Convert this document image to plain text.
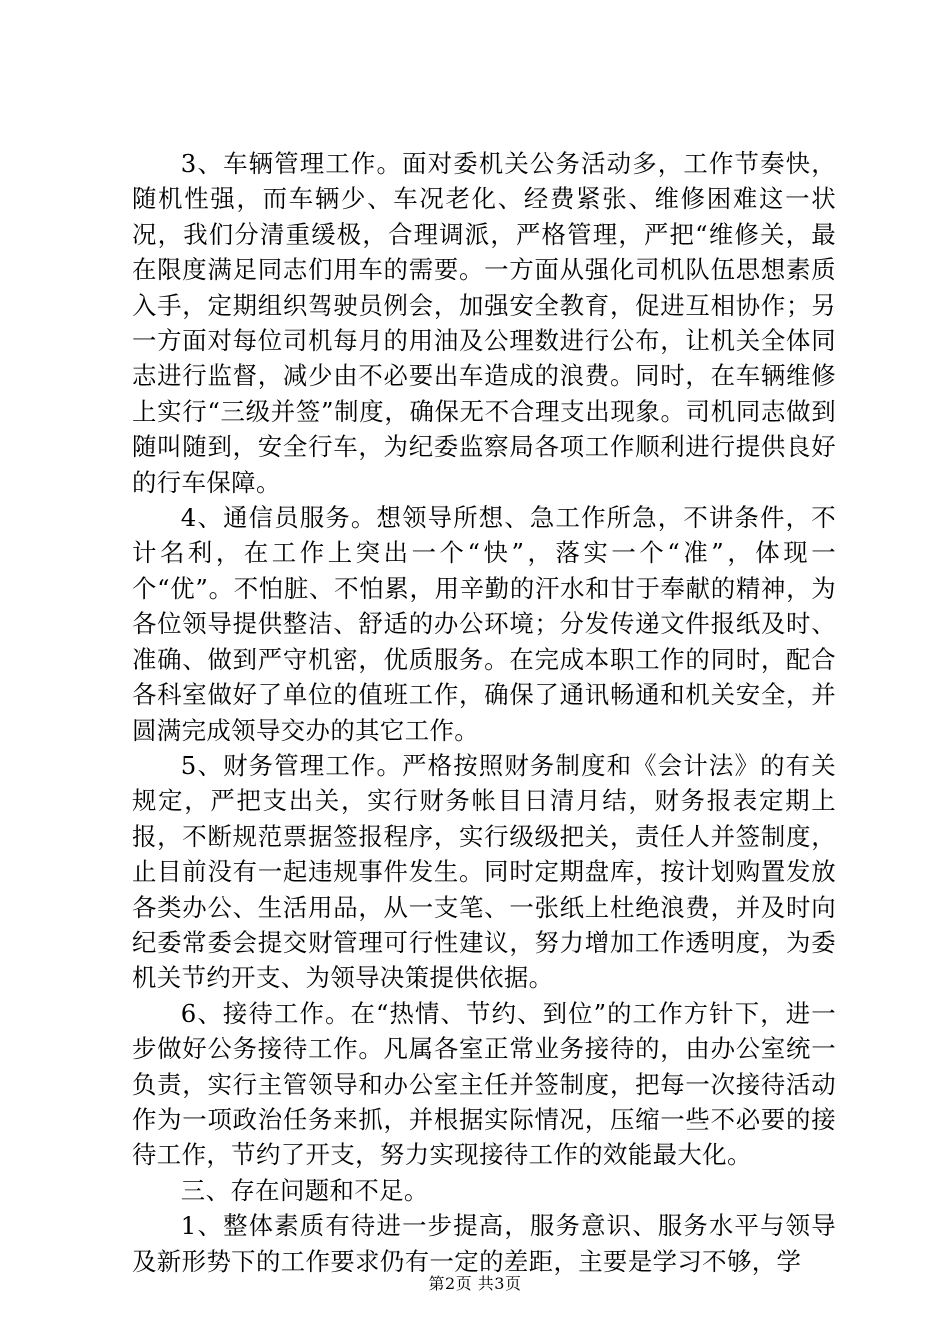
3、车辆管理工作。面对委机关公务活动多，工作节奏快，随机性强，而车辆少、车况老化、经费紧张、维修困难这一状况，我们分清重缓极，合理调派，严格管理，严把“维修关，最在限度满足同志们用车的需要。一方面从强化司机队伍思想素质入手，定期组织驾驶员例会，加强安全教育，促进互相协作；另一方面对每位司机每月的用油及公理数进行公布，让机关全体同志进行监督，减少由不必要出车造成的浪费。同时，在车辆维修上实行“三级并签”制度，确保无不合理支出现象。司机同志做到随叫随到，安全行车，为纪委监察局各项工作顺利进行提供良好的行车保障。

4、通信员服务。想领导所想、急工作所急，不讲条件，不计名利，在工作上突出一个“快”，落实一个“准”，体现一个“优”。不怕脏、不怕累，用辛勤的汗水和甘于奉献的精神，为各位领导提供整洁、舒适的办公环境；分发传递文件报纸及时、准确、做到严守机密，优质服务。在完成本职工作的同时，配合各科室做好了单位的值班工作，确保了通讯畅通和机关安全，并圆满完成领导交办的其它工作。

5、财务管理工作。严格按照财务制度和《会计法》的有关规定，严把支出关，实行财务帐目日清月结，财务报表定期上报，不断规范票据签报程序，实行级级把关，责任人并签制度，止目前没有一起违规事件发生。同时定期盘库，按计划购置发放各类办公、生活用品，从一支笔、一张纸上杜绝浪费，并及时向纪委常委会提交财管理可行性建议，努力增加工作透明度，为委机关节约开支、为领导决策提供依据。

6、接待工作。在“热情、节约、到位”的工作方针下，进一步做好公务接待工作。凡属各室正常业务接待的，由办公室统一负责，实行主管领导和办公室主任并签制度，把每一次接待活动作为一项政治任务来抓，并根据实际情况，压缩一些不必要的接待工作，节约了开支，努力实现接待工作的效能最大化。

三、存在问题和不足。

1、整体素质有待进一步提高，服务意识、服务水平与领导及新形势下的工作要求仍有一定的差距，主要是学习不够，学

第2页 共3页
